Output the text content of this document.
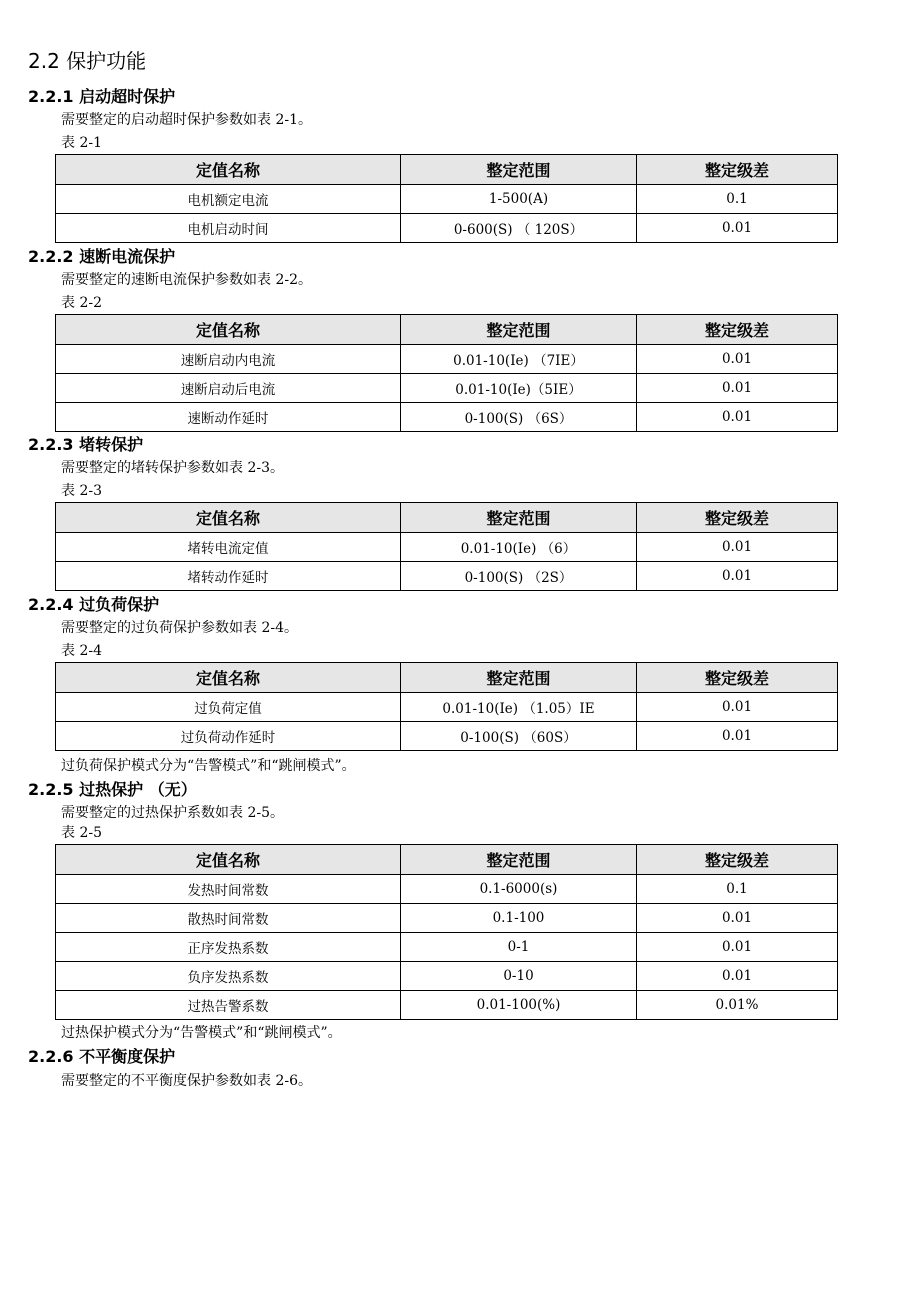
2.2 保护功能
2.2.1 启动超时保护
需要整定的启动超时保护参数如表 2-1。
表 2-1
定值名称	整定范围	整定级差
电机额定电流	1-500(A)	0.1
电机启动时间	0-600(S) （ 120S）	0.01
2.2.2 速断电流保护
需要整定的速断电流保护参数如表 2-2。
表 2-2
定值名称	整定范围	整定级差
速断启动内电流	0.01-10(Ie) （7IE）	0.01
速断启动后电流	0.01-10(Ie)（5IE）	0.01
速断动作延时	0-100(S) （6S）	0.01
2.2.3 堵转保护
需要整定的堵转保护参数如表 2-3。
表 2-3
定值名称	整定范围	整定级差
堵转电流定值	0.01-10(Ie) （6）	0.01
堵转动作延时	0-100(S) （2S）	0.01
2.2.4 过负荷保护
需要整定的过负荷保护参数如表 2-4。
表 2-4
定值名称	整定范围	整定级差
过负荷定值	0.01-10(Ie) （1.05）IE	0.01
过负荷动作延时	0-100(S) （60S）	0.01
过负荷保护模式分为“告警模式”和“跳闸模式”。
2.2.5 过热保护 （无）
需要整定的过热保护系数如表 2-5。
表 2-5
定值名称	整定范围	整定级差
发热时间常数	0.1-6000(s)	0.1
散热时间常数	0.1-100	0.01
正序发热系数	0-1	0.01
负序发热系数	0-10	0.01
过热告警系数	0.01-100(%)	0.01%
过热保护模式分为“告警模式”和“跳闸模式”。
2.2.6 不平衡度保护
需要整定的不平衡度保护参数如表 2-6。
